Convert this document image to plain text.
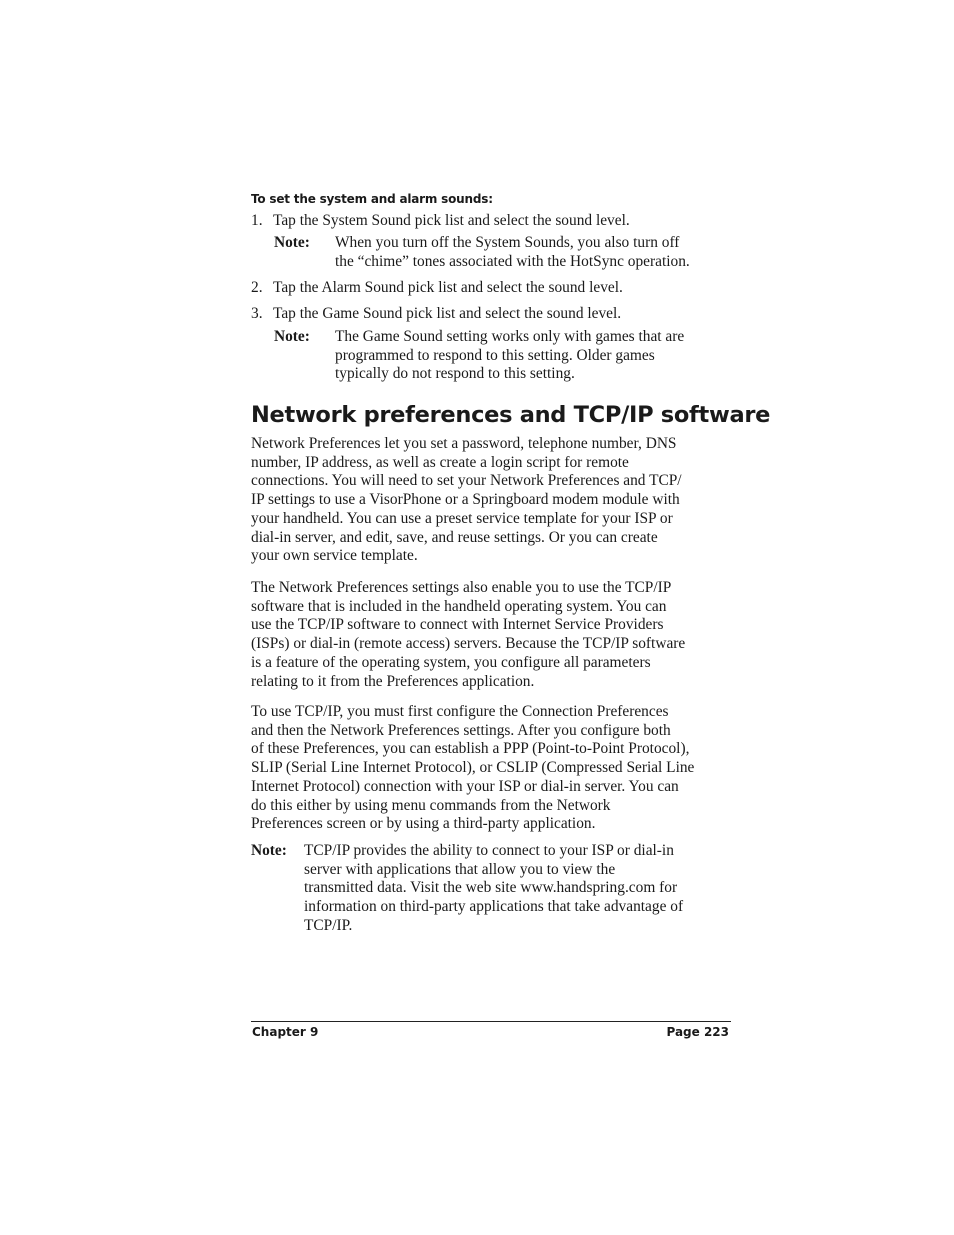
To set the system and alarm sounds:
1. Tap the System Sound pick list and select the sound level.
Note: When you turn off the System Sounds, you also turn off
the “chime” tones associated with the HotSync operation.
2. Tap the Alarm Sound pick list and select the sound level.
3. Tap the Game Sound pick list and select the sound level.
Note: The Game Sound setting works only with games that are
programmed to respond to this setting. Older games
typically do not respond to this setting.
Network preferences and TCP/IP software
Network Preferences let you set a password, telephone number, DNS
number, IP address, as well as create a login script for remote
connections. You will need to set your Network Preferences and TCP/
IP settings to use a VisorPhone or a Springboard modem module with
your handheld. You can use a preset service template for your ISP or
dial-in server, and edit, save, and reuse settings. Or you can create
your own service template.
The Network Preferences settings also enable you to use the TCP/IP
software that is included in the handheld operating system. You can
use the TCP/IP software to connect with Internet Service Providers
(ISPs) or dial-in (remote access) servers. Because the TCP/IP software
is a feature of the operating system, you configure all parameters
relating to it from the Preferences application.
To use TCP/IP, you must first configure the Connection Preferences
and then the Network Preferences settings. After you configure both
of these Preferences, you can establish a PPP (Point-to-Point Protocol),
SLIP (Serial Line Internet Protocol), or CSLIP (Compressed Serial Line
Internet Protocol) connection with your ISP or dial-in server. You can
do this either by using menu commands from the Network
Preferences screen or by using a third-party application.
Note: TCP/IP provides the ability to connect to your ISP or dial-in
server with applications that allow you to view the
transmitted data. Visit the web site www.handspring.com for
information on third-party applications that take advantage of
TCP/IP.
Chapter 9	Page 223
